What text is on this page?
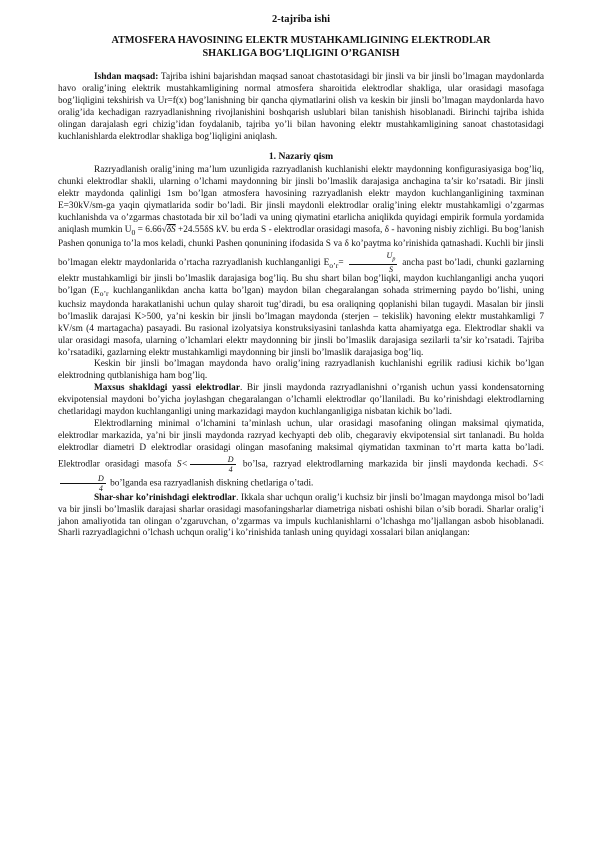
2-tajriba ishi
ATMOSFERA HAVOSINING ELEKTR MUSTAHKAMLIGINING ELEKTRODLAR
SHAKLIGA BOG’LIQLIGINI O’RGANISH

Ishdan maqsad: Tajriba ishini bajarishdan maqsad sanoat chastotasidagi bir jinsli va bir jinsli bo’lmagan maydonlarda havo oralig’ining elektrik mustahkamligining normal atmosfera sharoitida elektrodlar shakliga, ular orasidagi masofaga bog’liqligini tekshirish va Ur=f(x) bog’lanishning bir qancha qiymatlarini olish va keskin bir jinsli bo’lmagan maydonlarda havo oralig’ida kechadigan razryadlanishning rivojlanishini boshqarish uslublari bilan tanishish hisoblanadi. Birinchi tajriba ishida olingan darajalash egri chizig’idan foydalanib, tajriba yo’li bilan havoning elektr mustahkamligining sanoat chastotasidagi kuchlanishlarda elektrodlar shakliga bog’liqligini aniqlash.

1. Nazariy qism

Razryadlanish oralig’ining ma’lum uzunligida razryadlanish kuchlanishi elektr maydonning konfigurasiyasiga bog’liq, chunki elektrodlar shakli, ularning o’lchami maydonning bir jinsli bo’lmaslik darajasiga anchagina ta’sir ko’rsatadi. Bir jinsli elektr maydonda qalinligi 1sm bo’lgan atmosfera havosining razryadlanish elektr maydon kuchlanganligining taxminan E=30kV/sm-ga yaqin qiymatlarida sodir bo’ladi. Bir jinsli maydonli elektrodlar oralig’ining elektr mustahkamligi o’zgarmas kuchlanishda va o’zgarmas chastotada bir xil bo’ladi va uning qiymatini etarlicha aniqlikda quyidagi empirik formula yordamida aniqlash mumkin $U_0 = 6.66√\delta S +24.55\delta S$ kV. bu erda S - elektrodlar orasidagi masofa, δ - havoning nisbiy zichligi. Bu bog’lanish Pashen qonuniga to’la mos keladi, chunki Pashen qonunining ifodasida S va δ ko’paytma ko’rinishida qatnashadi. Kuchli bir jinsli bo’lmagan elektr maydonlarida o’rtacha razryadlanish kuchlanganligi $E_{o’r}= \frac{U_p}{S}$ ancha past bo’ladi, chunki gazlarning elektr mustahkamligi bir jinsli bo’lmaslik darajasiga bog’liq. Bu shu shart bilan bog’liqki, maydon kuchlanganligi ancha yuqori bo’lgan ($E_{o’r}$ kuchlanganlikdan ancha katta bo’lgan) maydon bilan chegaralangan sohada strimerning paydo bo’lishi, uning kuchsiz maydonda harakatlanishi uchun qulay sharoit tug’diradi, bu esa oraliqning qoplanishi bilan tugaydi. Masalan bir jinsli bo’lmaslik darajasi K>500, ya’ni keskin bir jinsli bo’lmagan maydonda (sterjen – tekislik) havoning elektr mustahkamligi 7 kV/sm (4 martagacha) pasayadi. Bu rasional izolyatsiya konstruksiyasini tanlashda katta ahamiyatga ega. Elektrodlar shakli va ular orasidagi masofa, ularning o’lchamlari elektr maydonning bir jinsli bo’lmaslik darajasiga sezilarli ta’sir ko’rsatadi. Tajriba ko’rsatadiki, gazlarning elektr mustahkamligi maydonning bir jinsli bo’lmaslik darajasiga bog’liq.

Keskin bir jinsli bo’lmagan maydonda havo oralig’ining razryadlanish kuchlanishi egrilik radiusi kichik bo’lgan elektrodning qutblanishiga ham bog’liq.

Maxsus shakldagi yassi elektrodlar. Bir jinsli maydonda razryadlanishni o’rganish uchun yassi kondensatorning ekvipotensial maydoni bo’yicha joylashgan chegaralangan o’lchamli elektrodlar qo’llaniladi. Bu ko’rinishdagi elektrodlarning chetlaridagi maydon kuchlanganligi uning markazidagi maydon kuchlanganligiga nisbatan kichik bo’ladi.

Elektrodlarning minimal o’lchamini ta’minlash uchun, ular orasidagi masofaning olingan maksimal qiymatida, elektrodlar markazida, ya’ni bir jinsli maydonda razryad kechyapti deb olib, chegaraviy ekvipotensial sirt tanlanadi. Bu holda elektrodlar diametri D elektrodlar orasidagi olingan masofaning maksimal qiymatidan taxminan to’rt marta katta bo’ladi. Elektrodlar orasidagi masofa $S< \frac{D}{4}$ bo’lsa, razryad elektrodlarning markazida bir jinsli maydonda kechadi. S<
$\frac{D}{4}$ bo’lganda esa razryadlanish diskning chetlariga o’tadi.

Shar-shar ko’rinishdagi elektrodlar. Ikkala shar uchqun oralig’i kuchsiz bir jinsli bo’lmagan maydonga misol bo’ladi va bir jinsli bo’lmaslik darajasi sharlar orasidagi masofaningsharlar diametriga nisbati oshishi bilan o’sib boradi. Sharlar oralig’i jahon amaliyotida tan olingan o’zgaruvchan, o’zgarmas va impuls kuchlanishlarni o’lchashga mo’ljallangan asbob hisoblanadi. Sharli razryadlagichni o’lchash uchqun oralig’i ko’rinishida tanlash uning quyidagi xossalari bilan aniqlangan:
